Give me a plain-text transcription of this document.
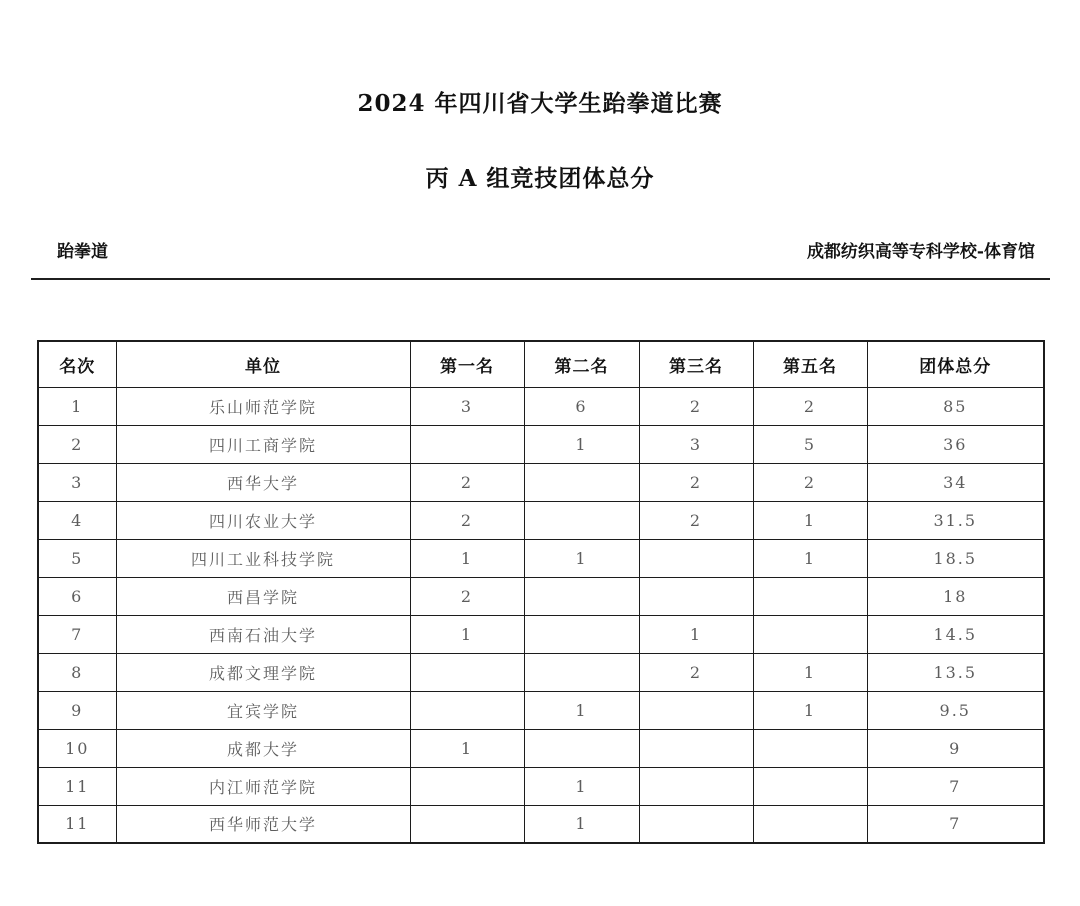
2024 年四川省大学生跆拳道比赛
丙 A 组竞技团体总分
跆拳道	成都纺织高等专科学校-体育馆
名次	单位	第一名	第二名	第三名	第五名	团体总分
1	乐山师范学院	3	6	2	2	85
2	四川工商学院		1	3	5	36
3	西华大学	2		2	2	34
4	四川农业大学	2		2	1	31.5
5	四川工业科技学院	1	1		1	18.5
6	西昌学院	2				18
7	西南石油大学	1		1		14.5
8	成都文理学院			2	1	13.5
9	宜宾学院		1		1	9.5
10	成都大学	1				9
11	内江师范学院		1			7
11	西华师范大学		1			7
